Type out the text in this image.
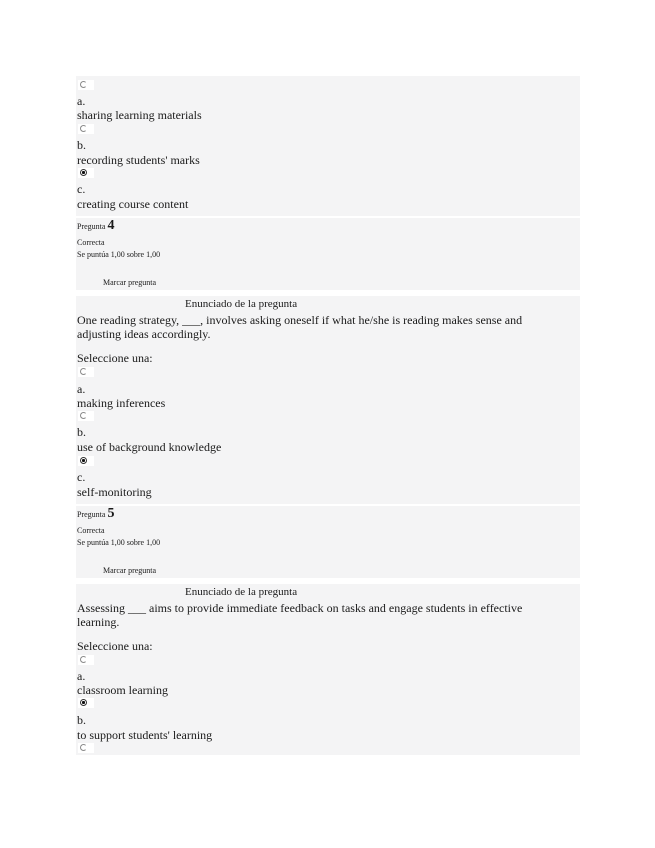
a.
sharing learning materials
b.
recording students' marks
c.
creating course content
Pregunta 4
Correcta
Se puntúa 1,00 sobre 1,00
Marcar pregunta
Enunciado de la pregunta
One reading strategy, ___, involves asking oneself if what he/she is reading makes sense and adjusting ideas accordingly.
Seleccione una:
a.
making inferences
b.
use of background knowledge
c.
self-monitoring
Pregunta 5
Correcta
Se puntúa 1,00 sobre 1,00
Marcar pregunta
Enunciado de la pregunta
Assessing ___ aims to provide immediate feedback on tasks and engage students in effective learning.
Seleccione una:
a.
classroom learning
b.
to support students' learning
